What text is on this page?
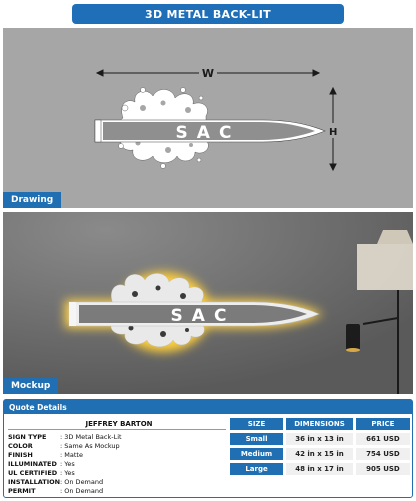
3D METAL BACK-LIT
W
H
SAC
Drawing
SAC
Mockup
Quote Details
JEFFREY BARTON
SIGN TYPE	: 3D Metal Back-Lit
COLOR	: Same As Mockup
FINISH	: Matte
ILLUMINATED : Yes
UL CERTIFIED : Yes
INSTALLATION : On Demand
PERMIT	: On Demand
SIZE	DIMENSIONS	PRICE
Small	36 in x 13 in	661 USD
Medium	42 in x 15 in	754 USD
Large	48 in x 17 in	905 USD
